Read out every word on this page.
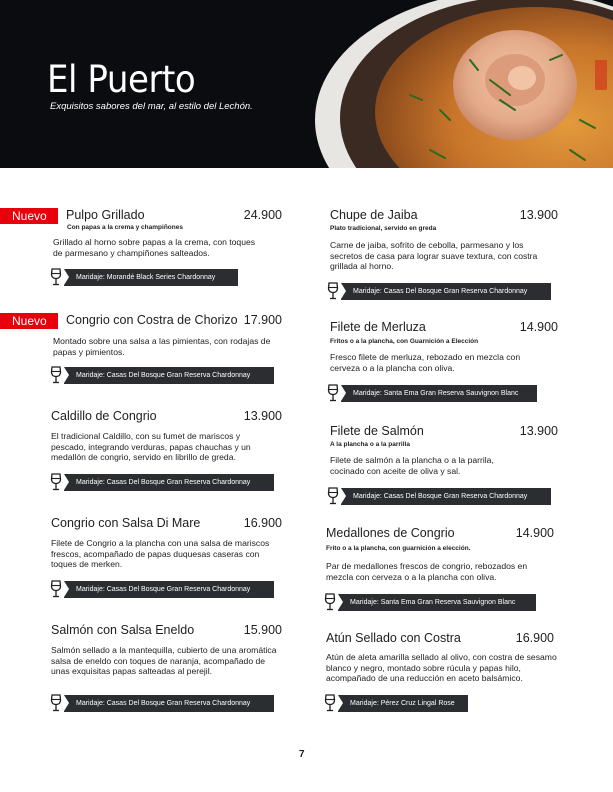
El Puerto
Exquisitos sabores del mar, al estilo del Lechón.
Nuevo	Pulpo Grillado	24.900
Con papas a la crema y champiñones
Grillado al horno sobre papas a la crema, con toques de parmesano y champiñones salteados.
Maridaje: Morandé Black Series Chardonnay
Nuevo	Congrio con Costra de Chorizo 17.900
Montado sobre una salsa a las pimientas, con rodajas de papas y pimientos.
Maridaje: Casas Del Bosque Gran Reserva Chardonnay
Caldillo de Congrio	13.900
El tradicional Caldillo, con su fumet de mariscos y pescado, integrando verduras, papas chauchas y un medallón de congrio, servido en librillo de greda.
Maridaje: Casas Del Bosque Gran Reserva Chardonnay
Congrio con Salsa Di Mare	16.900
Filete de Congrio a la plancha con una salsa de mariscos frescos, acompañado de papas duquesas caseras con toques de merken.
Maridaje: Casas Del Bosque Gran Reserva Chardonnay
Salmón con Salsa Eneldo	15.900
Salmón sellado a la mantequilla, cubierto de una aromática salsa de eneldo con toques de naranja, acompañado de unas exquisitas papas salteadas al perejil.
Maridaje: Casas Del Bosque Gran Reserva Chardonnay
Chupe de Jaiba	13.900
Plato tradicional, servido en greda
Carne de jaiba, sofrito de cebolla, parmesano y los secretos de casa para lograr suave textura, con costra grillada al horno.
Maridaje: Casas Del Bosque Gran Reserva Chardonnay
Filete de Merluza	14.900
Fritos o a la plancha, con Guarnición a Elección
Fresco filete de merluza, rebozado en mezcla con cerveza o a la plancha con oliva.
Maridaje: Santa Ema Gran Reserva Sauvignon Blanc
Filete de Salmón	13.900
A la plancha o a la parrilla
Filete de salmón a la plancha o a la parrila, cocinado con aceite de oliva y sal.
Maridaje: Casas Del Bosque Gran Reserva Chardonnay
Medallones de Congrio	14.900
Frito o a la plancha, con guarnición a elección.
Par de medallones frescos de congrio, rebozados en mezcla con cerveza o a la plancha con oliva.
Maridaje: Santa Ema Gran Reserva Sauvignon Blanc
Atún Sellado con Costra	16.900
Atún de aleta amarilla sellado al olivo, con costra de sesamo blanco y negro, montado sobre rúcula y papas hilo, acompañado de una reducción en aceto balsámico.
Maridaje: Pérez Cruz Lingal Rose
7
